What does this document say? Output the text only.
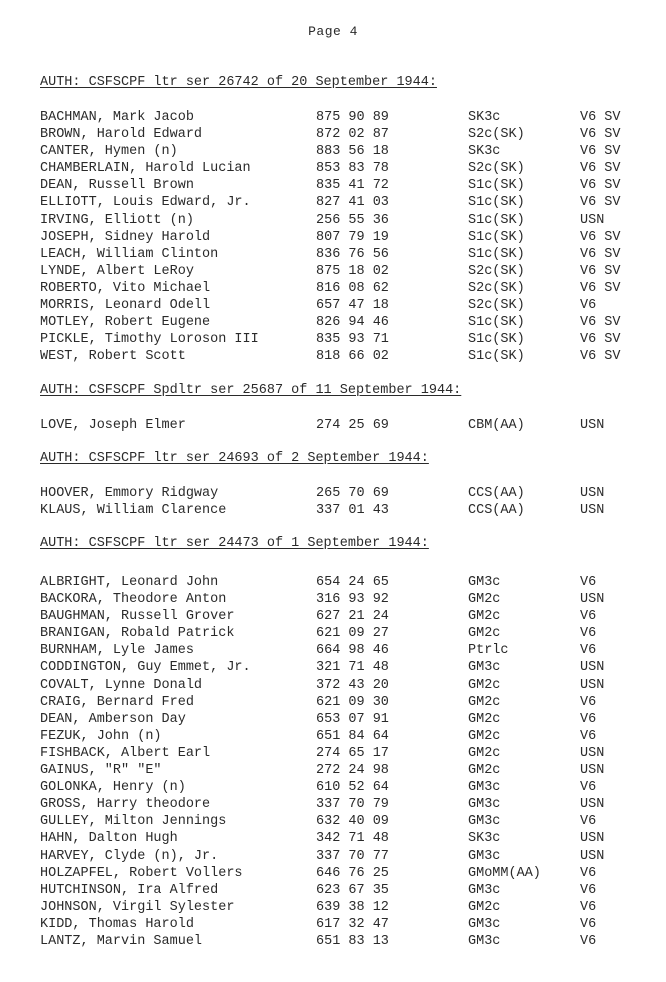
Page 4
AUTH: CSFSCPF ltr ser 26742 of 20 September 1944:
BACHMAN, Mark Jacob	875 90 89	SK3c	V6 SV
BROWN, Harold Edward	872 02 87	S2c(SK)	V6 SV
CANTER, Hymen (n)	883 56 18	SK3c	V6 SV
CHAMBERLAIN, Harold Lucian	853 83 78	S2c(SK)	V6 SV
DEAN, Russell Brown	835 41 72	S1c(SK)	V6 SV
ELLIOTT, Louis Edward, Jr.	827 41 03	S1c(SK)	V6 SV
IRVING, Elliott (n)	256 55 36	S1c(SK)	USN
JOSEPH, Sidney Harold	807 79 19	S1c(SK)	V6 SV
LEACH, William Clinton	836 76 56	S1c(SK)	V6 SV
LYNDE, Albert LeRoy	875 18 02	S2c(SK)	V6 SV
ROBERTO, Vito Michael	816 08 62	S2c(SK)	V6 SV
MORRIS, Leonard Odell	657 47 18	S2c(SK)	V6
MOTLEY, Robert Eugene	826 94 46	S1c(SK)	V6 SV
PICKLE, Timothy Loroson III	835 93 71	S1c(SK)	V6 SV
WEST, Robert Scott	818 66 02	S1c(SK)	V6 SV
AUTH: CSFSCPF Spdltr ser 25687 of 11 September 1944:
LOVE, Joseph Elmer	274 25 69	CBM(AA)	USN
AUTH: CSFSCPF ltr ser 24693 of 2 September 1944:
HOOVER, Emmory Ridgway	265 70 69	CCS(AA)	USN
KLAUS, William Clarence	337 01 43	CCS(AA)	USN
AUTH: CSFSCPF ltr ser 24473 of 1 September 1944:
ALBRIGHT, Leonard John	654 24 65	GM3c	V6
BACKORA, Theodore Anton	316 93 92	GM2c	USN
BAUGHMAN, Russell Grover	627 21 24	GM2c	V6
BRANIGAN, Robald Patrick	621 09 27	GM2c	V6
BURNHAM, Lyle James	664 98 46	Ptrlc	V6
CODDINGTON, Guy Emmet, Jr.	321 71 48	GM3c	USN
COVALT, Lynne Donald	372 43 20	GM2c	USN
CRAIG, Bernard Fred	621 09 30	GM2c	V6
DEAN, Amberson Day	653 07 91	GM2c	V6
FEZUK, John (n)	651 84 64	GM2c	V6
FISHBACK, Albert Earl	274 65 17	GM2c	USN
GAINUS, "R" "E"	272 24 98	GM2c	USN
GOLONKA, Henry (n)	610 52 64	GM3c	V6
GROSS, Harry theodore	337 70 79	GM3c	USN
GULLEY, Milton Jennings	632 40 09	GM3c	V6
HAHN, Dalton Hugh	342 71 48	SK3c	USN
HARVEY, Clyde (n), Jr.	337 70 77	GM3c	USN
HOLZAPFEL, Robert Vollers	646 76 25	GMoMM(AA)	V6
HUTCHINSON, Ira Alfred	623 67 35	GM3c	V6
JOHNSON, Virgil Sylester	639 38 12	GM2c	V6
KIDD, Thomas Harold	617 32 47	GM3c	V6
LANTZ, Marvin Samuel	651 83 13	GM3c	V6
